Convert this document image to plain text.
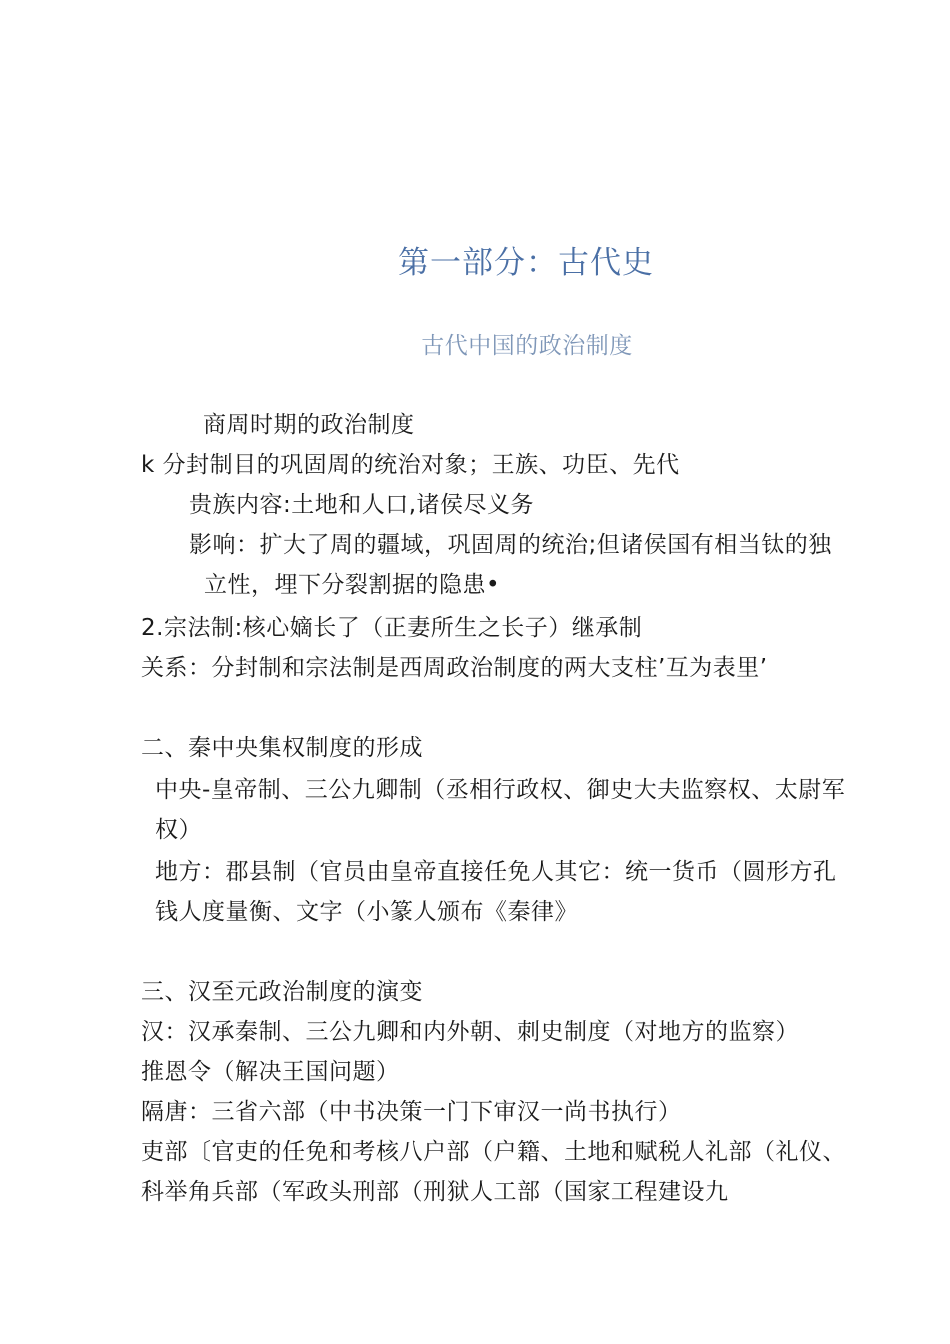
第一部分：古代史
古代中国的政治制度
商周时期的政治制度
k 分封制目的巩固周的统治对象；王族、功臣、先代
贵族内容:土地和人口,诸侯尽义务
影响：扩大了周的疆域，巩固周的统治;但诸侯国有相当钛的独
立性，埋下分裂割据的隐患•
2.宗法制:核心嫡长了（正妻所生之长子）继承制
关系：分封制和宗法制是西周政治制度的两大支柱’互为表里’
二、秦中央集权制度的形成
中央-皇帝制、三公九卿制（丞相行政权、御史大夫监察权、太尉军
权）
地方：郡县制（官员由皇帝直接任免人其它：统一货币（圆形方孔
钱人度量衡、文字（小篆人颁布《秦律》
三、汉至元政治制度的演变
汉：汉承秦制、三公九卿和内外朝、刺史制度（对地方的监察）
推恩令（解决王国问题）
隔唐：三省六部（中书决策一门下审汉一尚书执行）
吏部〔官吏的任免和考核八户部（户籍、土地和赋税人礼部（礼仪、
科举角兵部（军政头刑部（刑狱人工部（国家工程建设九
